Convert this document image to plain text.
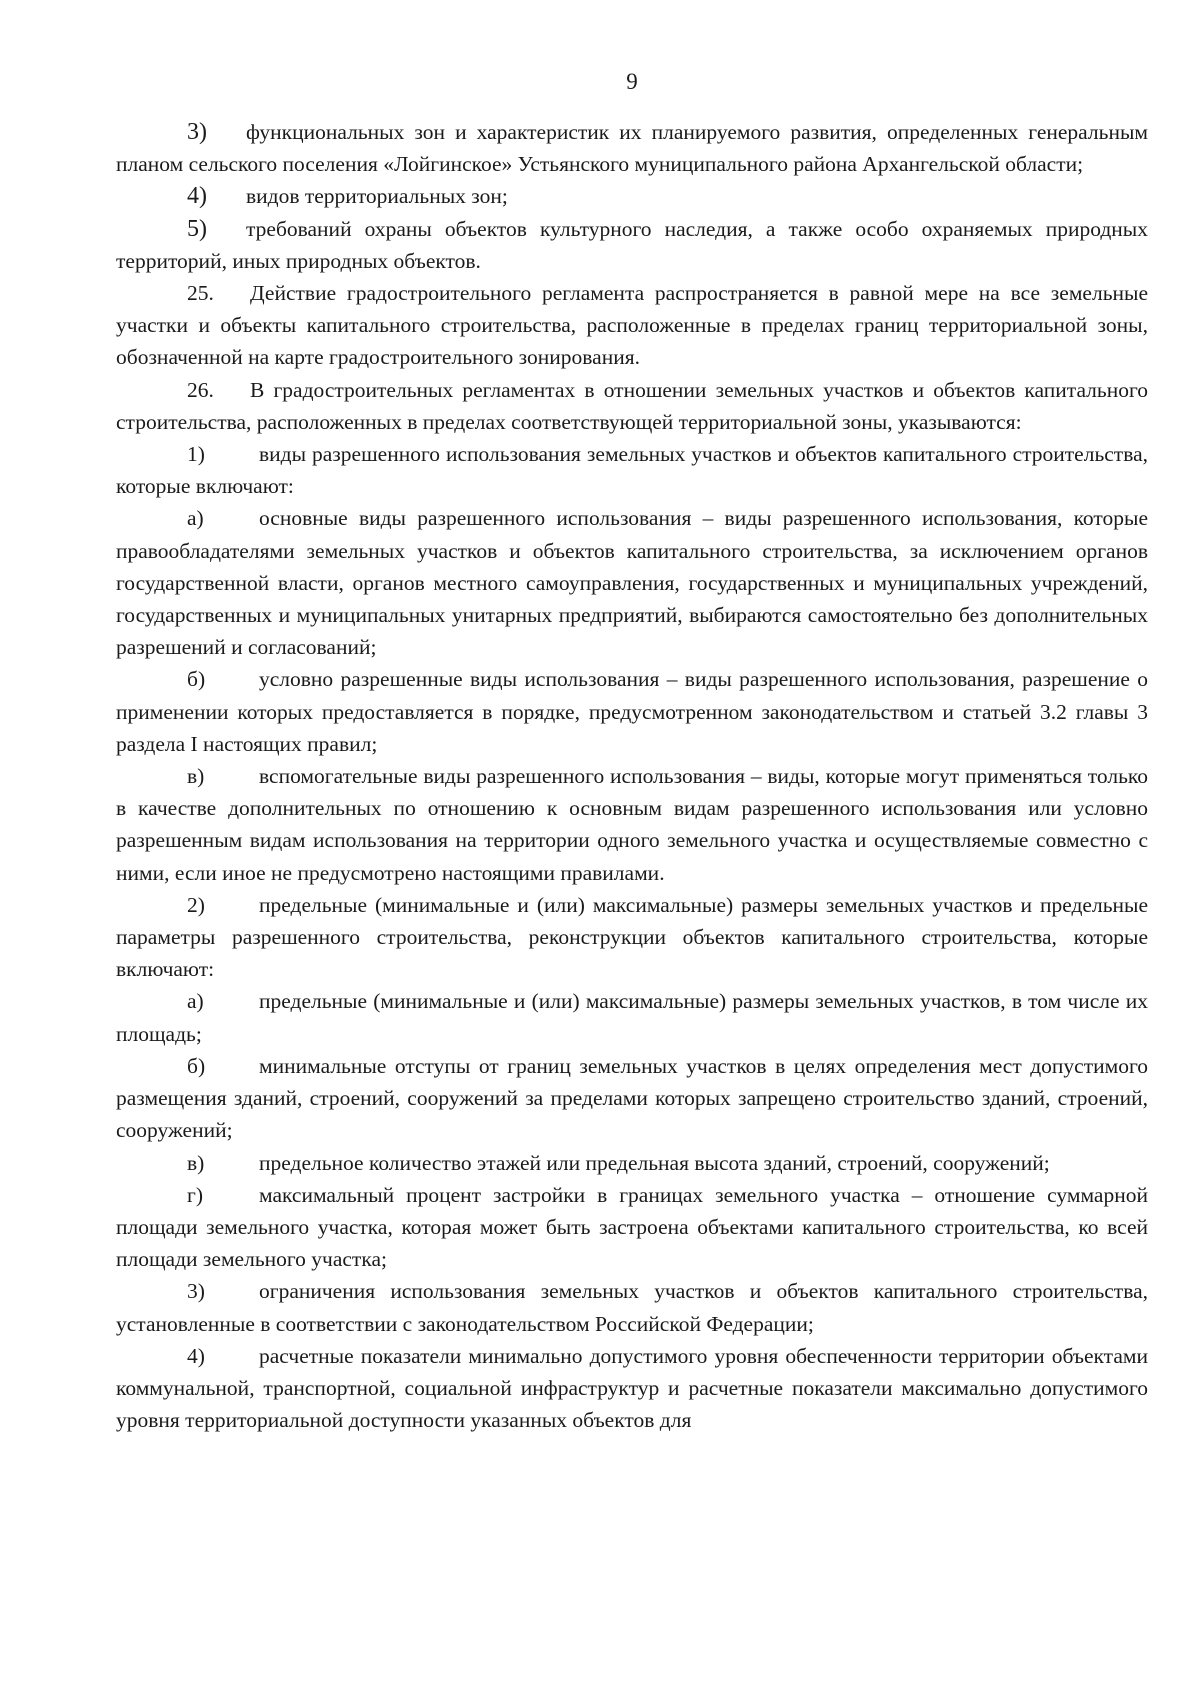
9

3) функциональных зон и характеристик их планируемого развития, определенных генеральным планом сельского поселения «Лойгинское» Устьянского муниципального района Архангельской области;

4) видов территориальных зон;

5) требований охраны объектов культурного наследия, а также особо охраняемых природных территорий, иных природных объектов.

25. Действие градостроительного регламента распространяется в равной мере на все земельные участки и объекты капитального строительства, расположенные в пределах границ территориальной зоны, обозначенной на карте градостроительного зонирования.

26. В градостроительных регламентах в отношении земельных участков и объектов капитального строительства, расположенных в пределах соответствующей территориальной зоны, указываются:

1)	виды разрешенного использования земельных участков и объектов капитального строительства, которые включают:

а)	основные виды разрешенного использования – виды разрешенного использования, которые правообладателями земельных участков и объектов капитального строительства, за исключением органов государственной власти, органов местного самоуправления, государственных и муниципальных учреждений, государственных и муниципальных унитарных предприятий, выбираются самостоятельно без дополнительных разрешений и согласований;

б)	условно разрешенные виды использования – виды разрешенного использования, разрешение о применении которых предоставляется в порядке, предусмотренном законодательством и статьей 3.2 главы 3 раздела I настоящих правил;

в)	вспомогательные виды разрешенного использования – виды, которые могут применяться только в качестве дополнительных по отношению к основным видам разрешенного использования или условно разрешенным видам использования на территории одного земельного участка и осуществляемые совместно с ними, если иное не предусмотрено настоящими правилами.

2)	предельные (минимальные и (или) максимальные) размеры земельных участков и предельные параметры разрешенного строительства, реконструкции объектов капитального строительства, которые включают:

а)	предельные (минимальные и (или) максимальные) размеры земельных участков, в том числе их площадь;

б)	минимальные отступы от границ земельных участков в целях определения мест допустимого размещения зданий, строений, сооружений за пределами которых запрещено строительство зданий, строений, сооружений;

в)	предельное количество этажей или предельная высота зданий, строений, сооружений;

г)	максимальный процент застройки в границах земельного участка – отношение суммарной площади земельного участка, которая может быть застроена объектами капитального строительства, ко всей площади земельного участка;

3)	ограничения использования земельных участков и объектов капитального строительства, установленные в соответствии с законодательством Российской Федерации;

4)	расчетные показатели минимально допустимого уровня обеспеченности территории объектами коммунальной, транспортной, социальной инфраструктур и расчетные показатели максимально допустимого уровня территориальной доступности указанных объектов для
